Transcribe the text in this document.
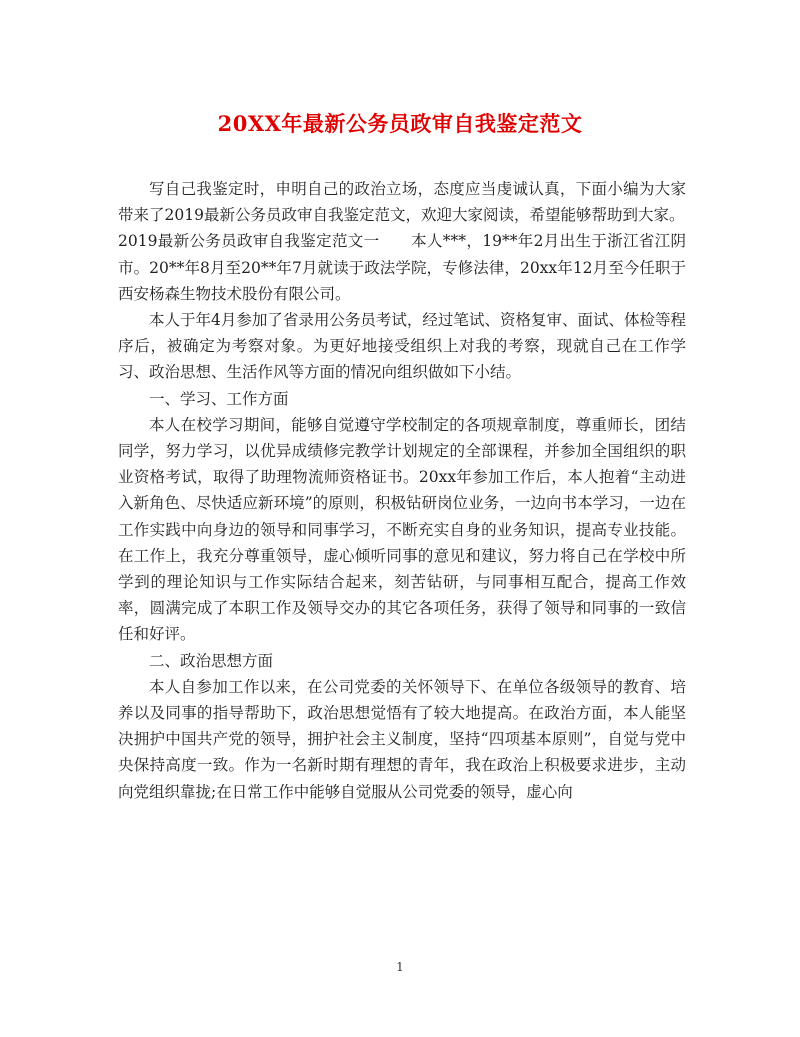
20XX年最新公务员政审自我鉴定范文

写自己我鉴定时，申明自己的政治立场，态度应当虔诚认真，下面小编为大家带来了2019最新公务员政审自我鉴定范文，欢迎大家阅读，希望能够帮助到大家。

2019最新公务员政审自我鉴定范文一　　本人***，19**年2月出生于浙江省江阴市。20**年8月至20**年7月就读于政法学院，专修法律，20xx年12月至今任职于西安杨森生物技术股份有限公司。

本人于年4月参加了省录用公务员考试，经过笔试、资格复审、面试、体检等程序后，被确定为考察对象。为更好地接受组织上对我的考察，现就自己在工作学习、政治思想、生活作风等方面的情况向组织做如下小结。

一、学习、工作方面

本人在校学习期间，能够自觉遵守学校制定的各项规章制度，尊重师长，团结同学，努力学习，以优异成绩修完教学计划规定的全部课程，并参加全国组织的职业资格考试，取得了助理物流师资格证书。20xx年参加工作后，本人抱着“主动进入新角色、尽快适应新环境”的原则，积极钻研岗位业务，一边向书本学习，一边在工作实践中向身边的领导和同事学习，不断充实自身的业务知识，提高专业技能。在工作上，我充分尊重领导，虚心倾听同事的意见和建议，努力将自己在学校中所学到的理论知识与工作实际结合起来，刻苦钻研，与同事相互配合，提高工作效率，圆满完成了本职工作及领导交办的其它各项任务，获得了领导和同事的一致信任和好评。

二、政治思想方面

本人自参加工作以来，在公司党委的关怀领导下、在单位各级领导的教育、培养以及同事的指导帮助下，政治思想觉悟有了较大地提高。在政治方面，本人能坚决拥护中国共产党的领导，拥护社会主义制度，坚持“四项基本原则”，自觉与党中央保持高度一致。作为一名新时期有理想的青年，我在政治上积极要求进步，主动向党组织靠拢;在日常工作中能够自觉服从公司党委的领导，虚心向

1
